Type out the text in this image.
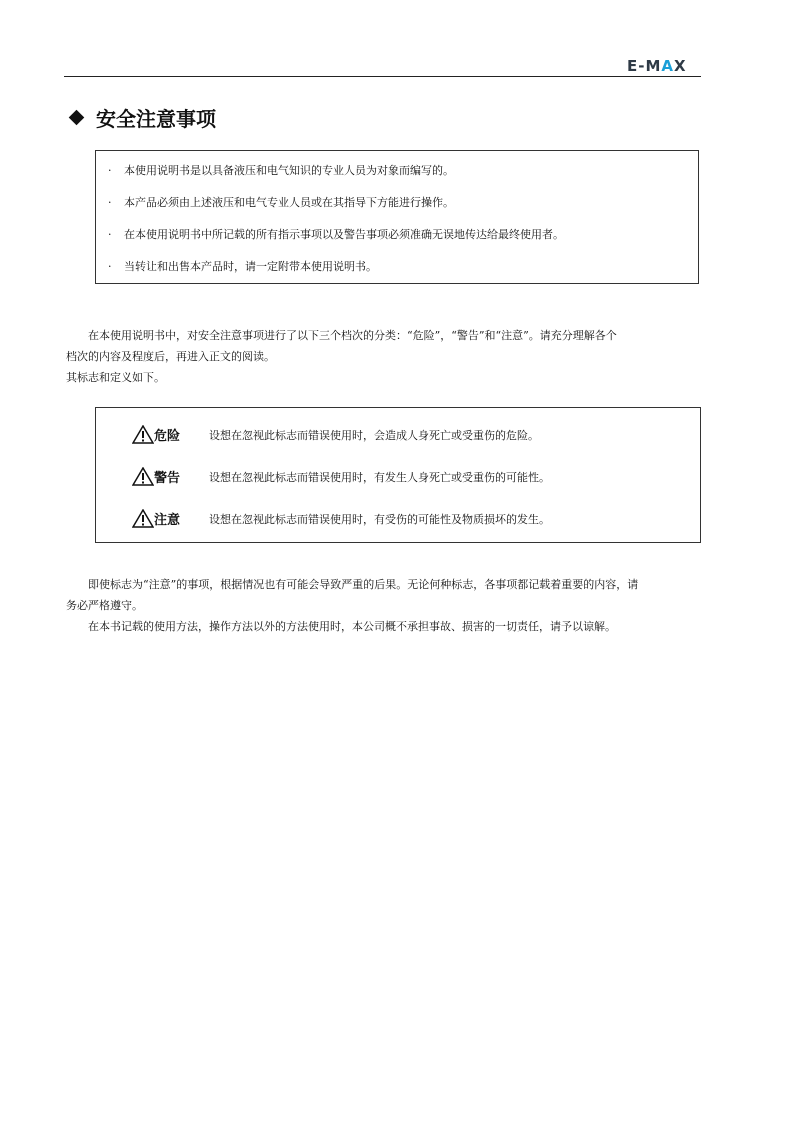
E-MAX
安全注意事项
·	本使用说明书是以具备液压和电气知识的专业人员为对象而编写的。
·	本产品必须由上述液压和电气专业人员或在其指导下方能进行操作。
·	在本使用说明书中所记载的所有指示事项以及警告事项必须准确无误地传达给最终使用者。
·	当转让和出售本产品时，请一定附带本使用说明书。
在本使用说明书中，对安全注意事项进行了以下三个档次的分类：“危险”，“警告”和“注意”。请充分理解各个
档次的内容及程度后，再进入正文的阅读。
其标志和定义如下。
危险	设想在忽视此标志而错误使用时，会造成人身死亡或受重伤的危险。
警告	设想在忽视此标志而错误使用时，有发生人身死亡或受重伤的可能性。
注意	设想在忽视此标志而错误使用时，有受伤的可能性及物质损坏的发生。
即使标志为“注意”的事项，根据情况也有可能会导致严重的后果。无论何种标志，各事项都记载着重要的内容，请
务必严格遵守。
在本书记载的使用方法，操作方法以外的方法使用时，本公司概不承担事故、损害的一切责任，请予以谅解。
